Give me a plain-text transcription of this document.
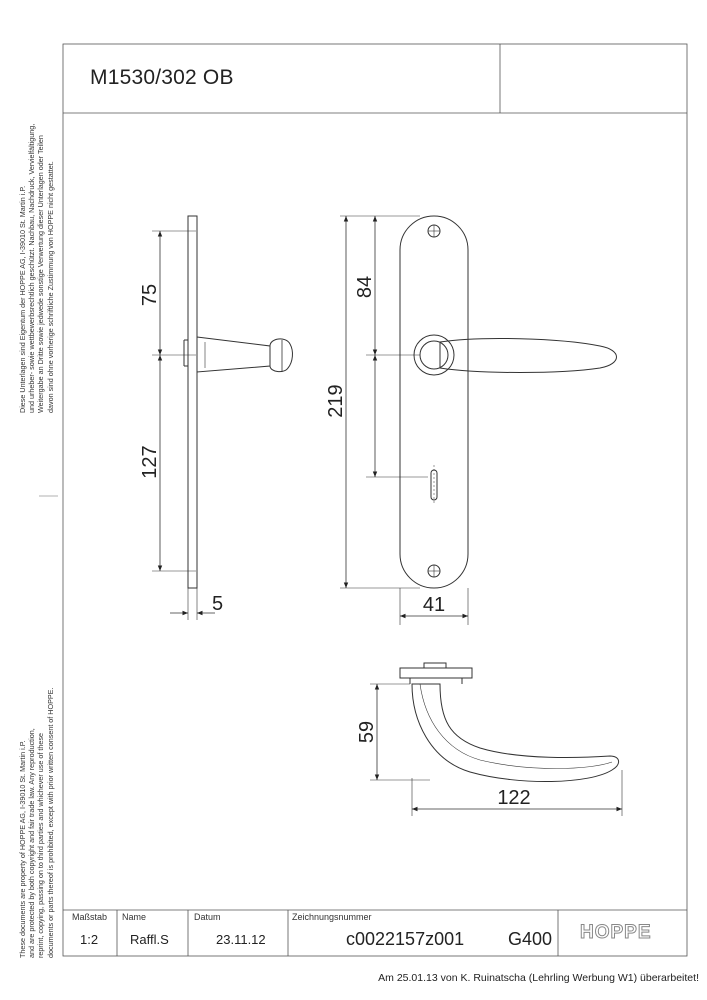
75
127
5
84
219
41
59
122
M1530/302 OB
Diese Unterlagen sind Eigentum der HOPPE AG, I-39010 St. Martin i.P. und urheber- sowie wettbewerbsrechtlich geschützt. Nachbau, Nachdruck, Vervielfältigung, Weitergabe an Dritte sowie jedwede sonstige Verwertung dieser Unterlagen oder Teilen davon sind ohne vorherige schriftliche Zustimmung von HOPPE nicht gestattet.
These documents are property of HOPPE AG, I-39010 St. Martin i.P. and are protected by both copyright and fair trade law. Any reproduction, reprint, copying, passing on to third parties and whichever use of these documents or parts thereof is prohibited, except with prior written consent of HOPPE. Maßstab
1:2
Name
Raffl.S
Datum
23.11.12
Zeichnungsnummer
c0022157z001 G400 HOPPE
Am 25.01.13 von K. Ruinatscha (Lehrling Werbung W1) überarbeitet!
